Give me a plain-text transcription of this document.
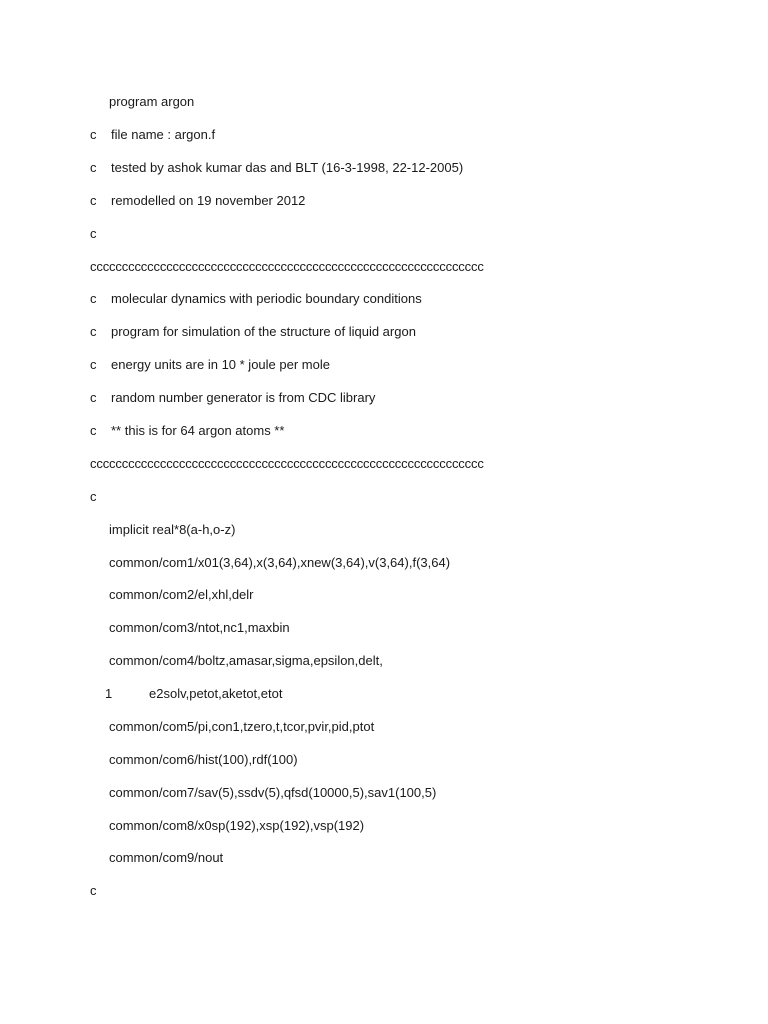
program argon

c

file name : argon.f

c

tested by ashok kumar das and BLT (16-3-1998, 22-12-2005)

c

remodelled on 19 november 2012

c

cccccccccccccccccccccccccccccccccccccccccccccccccccccccccccccc

c

molecular dynamics with periodic boundary conditions

c

program for simulation of the structure of liquid argon

c

energy units are in 10 * joule per mole

c

random number generator is from CDC library

c

** this is for 64 argon atoms **

cccccccccccccccccccccccccccccccccccccccccccccccccccccccccccccc

c

implicit real*8(a-h,o-z)

common/com1/x01(3,64),x(3,64),xnew(3,64),v(3,64),f(3,64)

common/com2/el,xhl,delr

common/com3/ntot,nc1,maxbin

common/com4/boltz,amasar,sigma,epsilon,delt,

1

	e2solv,petot,aketot,etot

common/com5/pi,con1,tzero,t,tcor,pvir,pid,ptot

common/com6/hist(100),rdf(100)

common/com7/sav(5),ssdv(5),qfsd(10000,5),sav1(100,5)

common/com8/x0sp(192),xsp(192),vsp(192)

common/com9/nout

c
